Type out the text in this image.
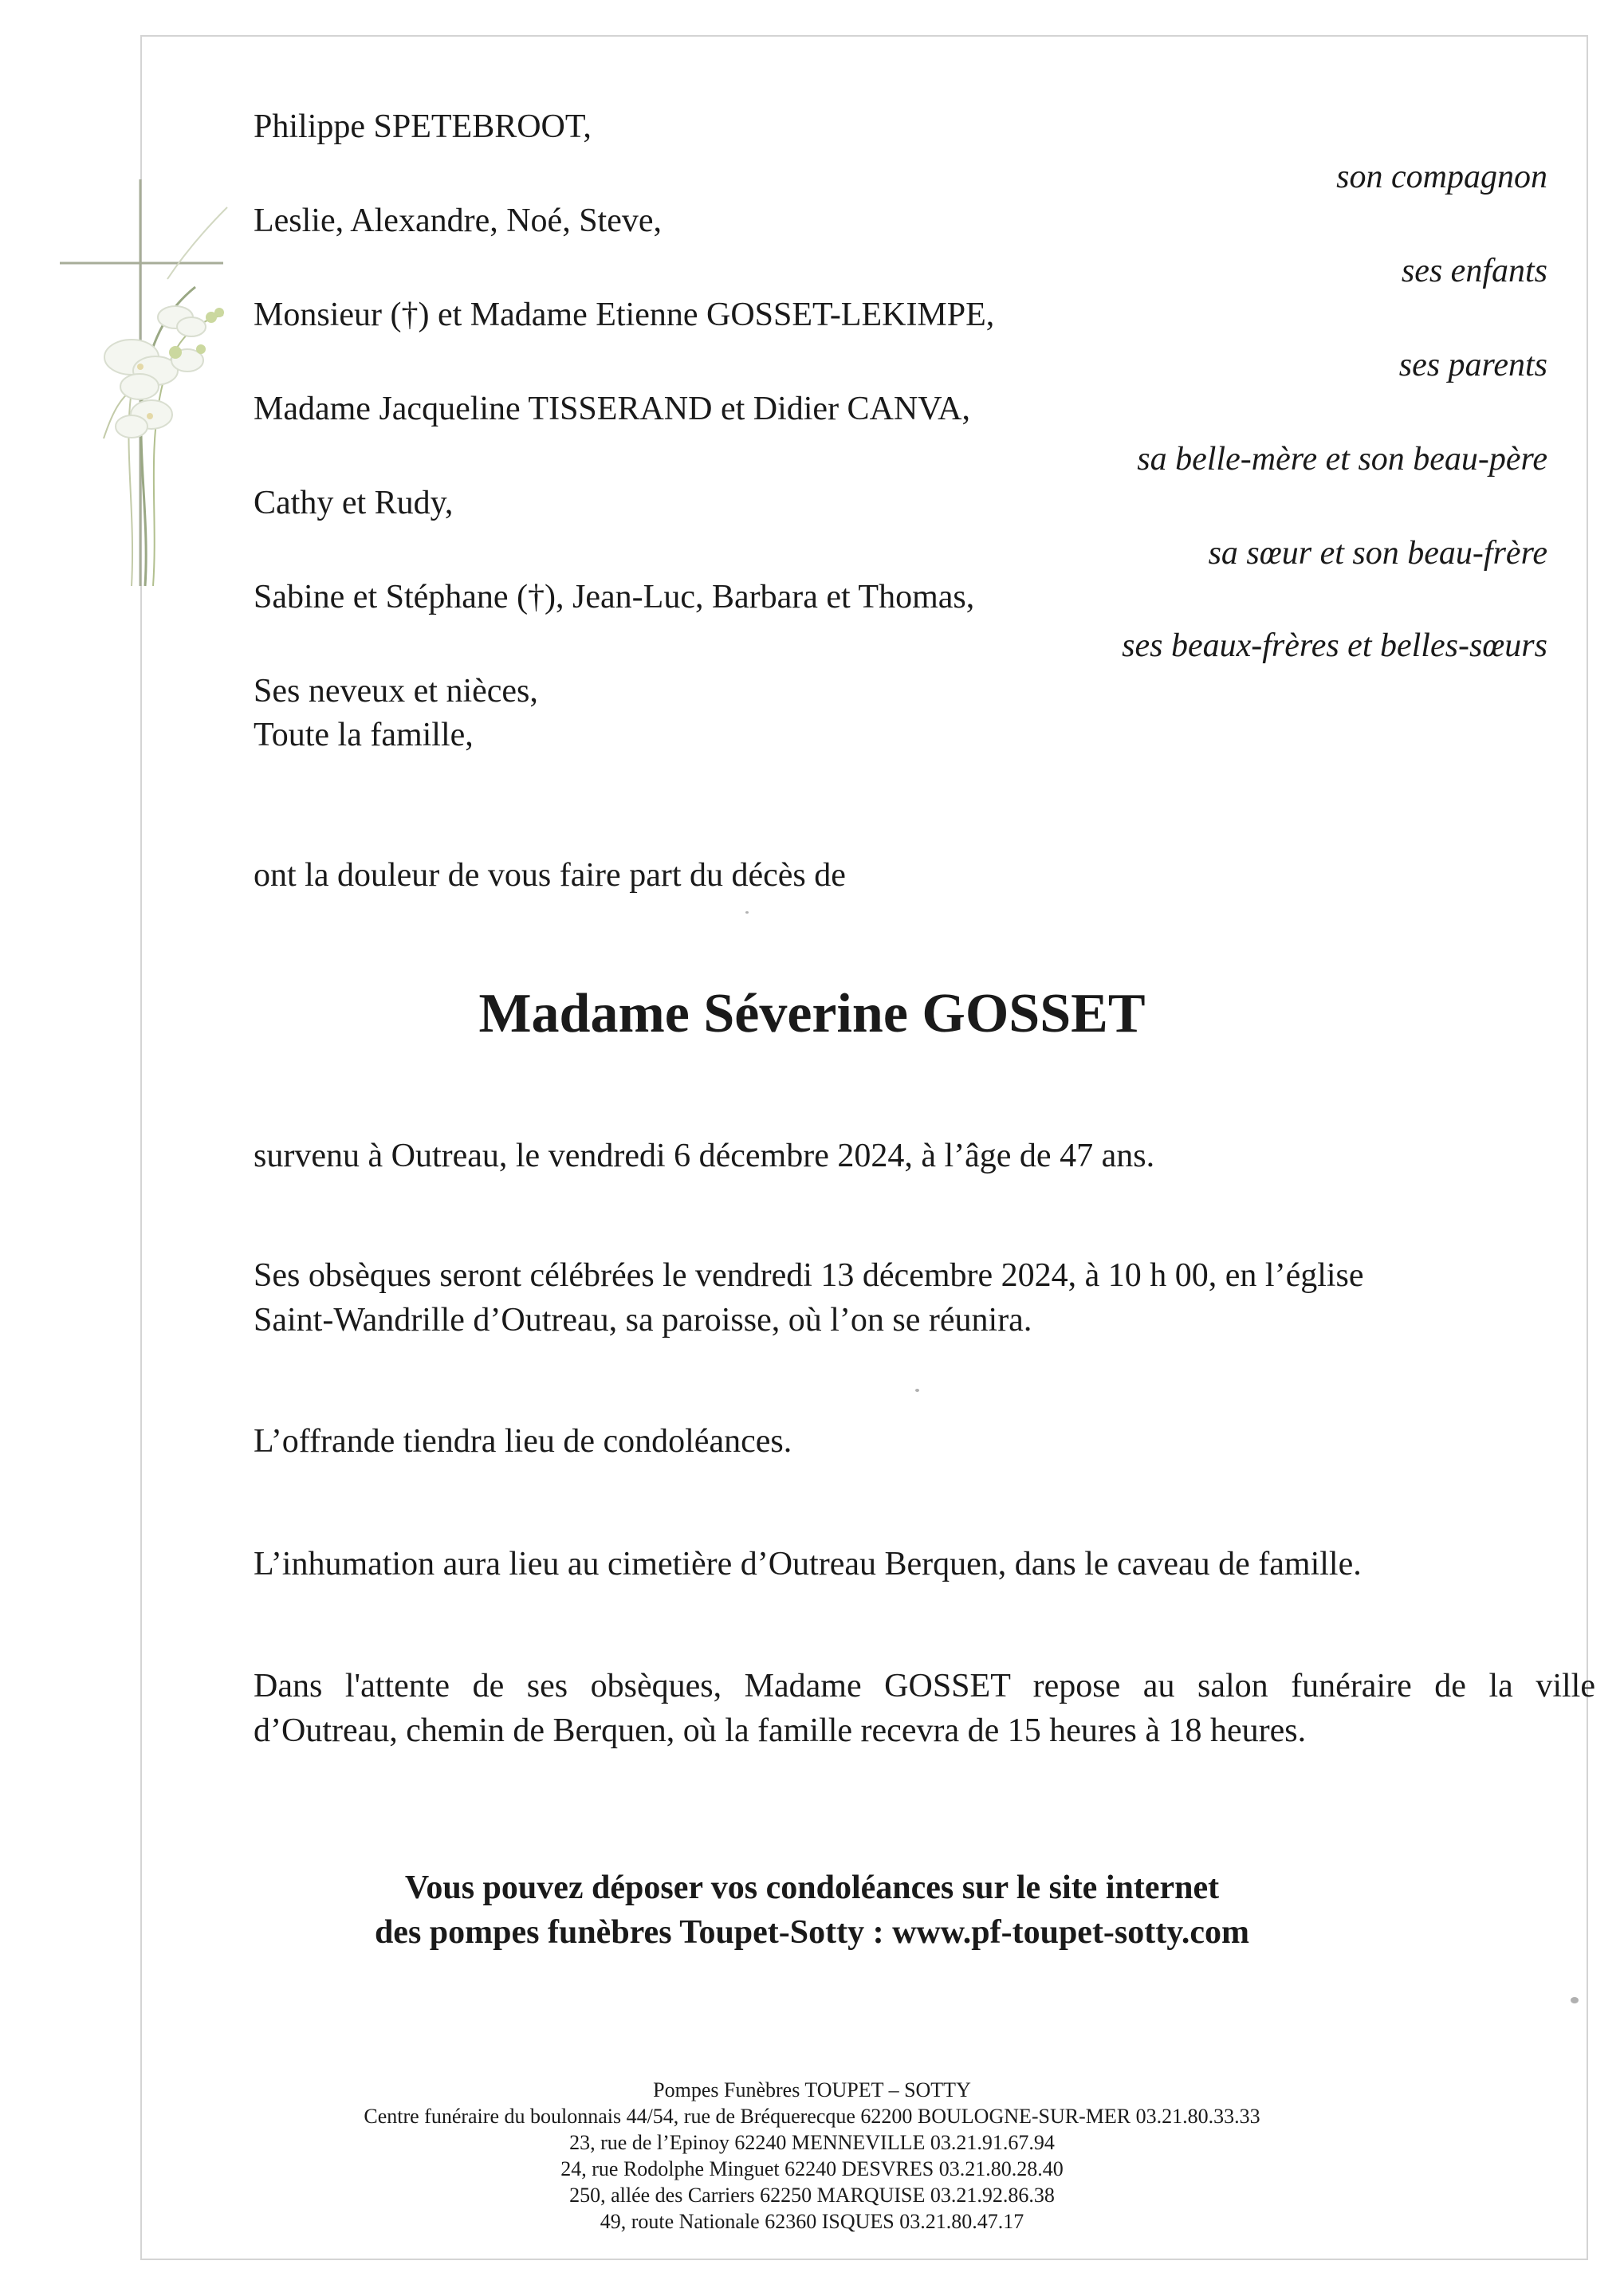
Philippe SPETEBROOT,
Leslie, Alexandre, Noé, Steve,
Monsieur (†) et Madame Etienne GOSSET-LEKIMPE,
Madame Jacqueline TISSERAND et Didier CANVA,
Cathy et Rudy,
Sabine et Stéphane (†), Jean-Luc, Barbara et Thomas,
Ses neveux et nièces,
Toute la famille,
son compagnon
ses enfants
ses parents
sa belle-mère et son beau-père
sa sœur et son beau-frère
ses beaux-frères et belles-sœurs
ont la douleur de vous faire part du décès de
Madame Séverine GOSSET
survenu à Outreau, le vendredi 6 décembre 2024, à l’âge de 47 ans.
Ses obsèques seront célébrées le vendredi 13 décembre 2024, à 10 h 00, en l’église
Saint-Wandrille d’Outreau, sa paroisse, où l’on se réunira.
L’offrande tiendra lieu de condoléances.
L’inhumation aura lieu au cimetière d’Outreau Berquen, dans le caveau de famille.
Dans l'attente de ses obsèques, Madame GOSSET repose au salon funéraire de la ville
d’Outreau, chemin de Berquen, où la famille recevra de 15 heures à 18 heures.
Vous pouvez déposer vos condoléances sur le site internet
des pompes funèbres Toupet-Sotty : www.pf-toupet-sotty.com
Pompes Funèbres TOUPET – SOTTY
Centre funéraire du boulonnais 44/54, rue de Bréquerecque 62200 BOULOGNE-SUR-MER 03.21.80.33.33
23, rue de l’Epinoy 62240 MENNEVILLE 03.21.91.67.94
24, rue Rodolphe Minguet 62240 DESVRES 03.21.80.28.40
250, allée des Carriers 62250 MARQUISE 03.21.92.86.38
49, route Nationale 62360 ISQUES 03.21.80.47.17
